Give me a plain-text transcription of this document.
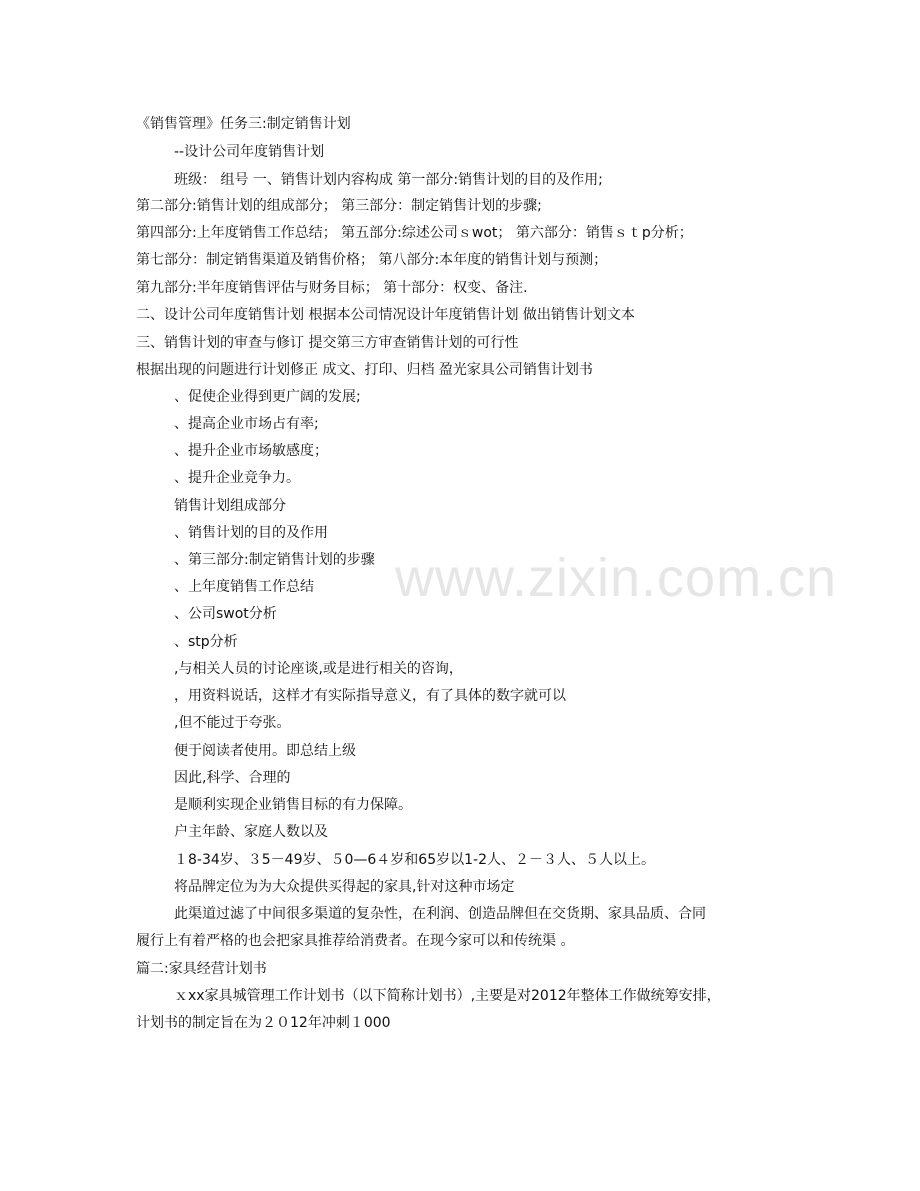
《销售管理》任务三:制定销售计划
--设计公司年度销售计划
班级： 组号 一、销售计划内容构成 第一部分:销售计划的目的及作用;
第二部分:销售计划的组成部分； 第三部分：制定销售计划的步骤;
第四部分:上年度销售工作总结； 第五部分:综述公司ｓwot； 第六部分：销售ｓｔp分析；
第七部分：制定销售渠道及销售价格； 第八部分:本年度的销售计划与预测；
第九部分:半年度销售评估与财务目标； 第十部分：权变、备注.
二、设计公司年度销售计划 根据本公司情况设计年度销售计划 做出销售计划文本
三、销售计划的审查与修订 提交第三方审查销售计划的可行性
根据出现的问题进行计划修正 成文、打印、归档 盈光家具公司销售计划书
、促使企业得到更广阔的发展;
、提高企业市场占有率;
、提升企业市场敏感度；
、提升企业竞争力。
销售计划组成部分
、销售计划的目的及作用
、第三部分:制定销售计划的步骤
、上年度销售工作总结
、公司swot分析
、stp分析
,与相关人员的讨论座谈,或是进行相关的咨询，
，用资料说话，这样才有实际指导意义，有了具体的数字就可以
,但不能过于夸张。
便于阅读者使用。即总结上级
因此,科学、合理的
是顺利实现企业销售目标的有力保障。
户主年龄、家庭人数以及
１8-34岁、３5－49岁、５0—6４岁和65岁以1-2人、２－３人、５人以上。
将品牌定位为为大众提供买得起的家具,针对这种市场定
此渠道过滤了中间很多渠道的复杂性，在利润、创造品牌但在交货期、家具品质、合同
履行上有着严格的也会把家具推荐给消费者。在现今家可以和传统渠 。
篇二:家具经营计划书
ｘxx家具城管理工作计划书（以下简称计划书）,主要是对2012年整体工作做统筹安排，
计划书的制定旨在为２０12年冲刺１000
www.zixin.com.cn
